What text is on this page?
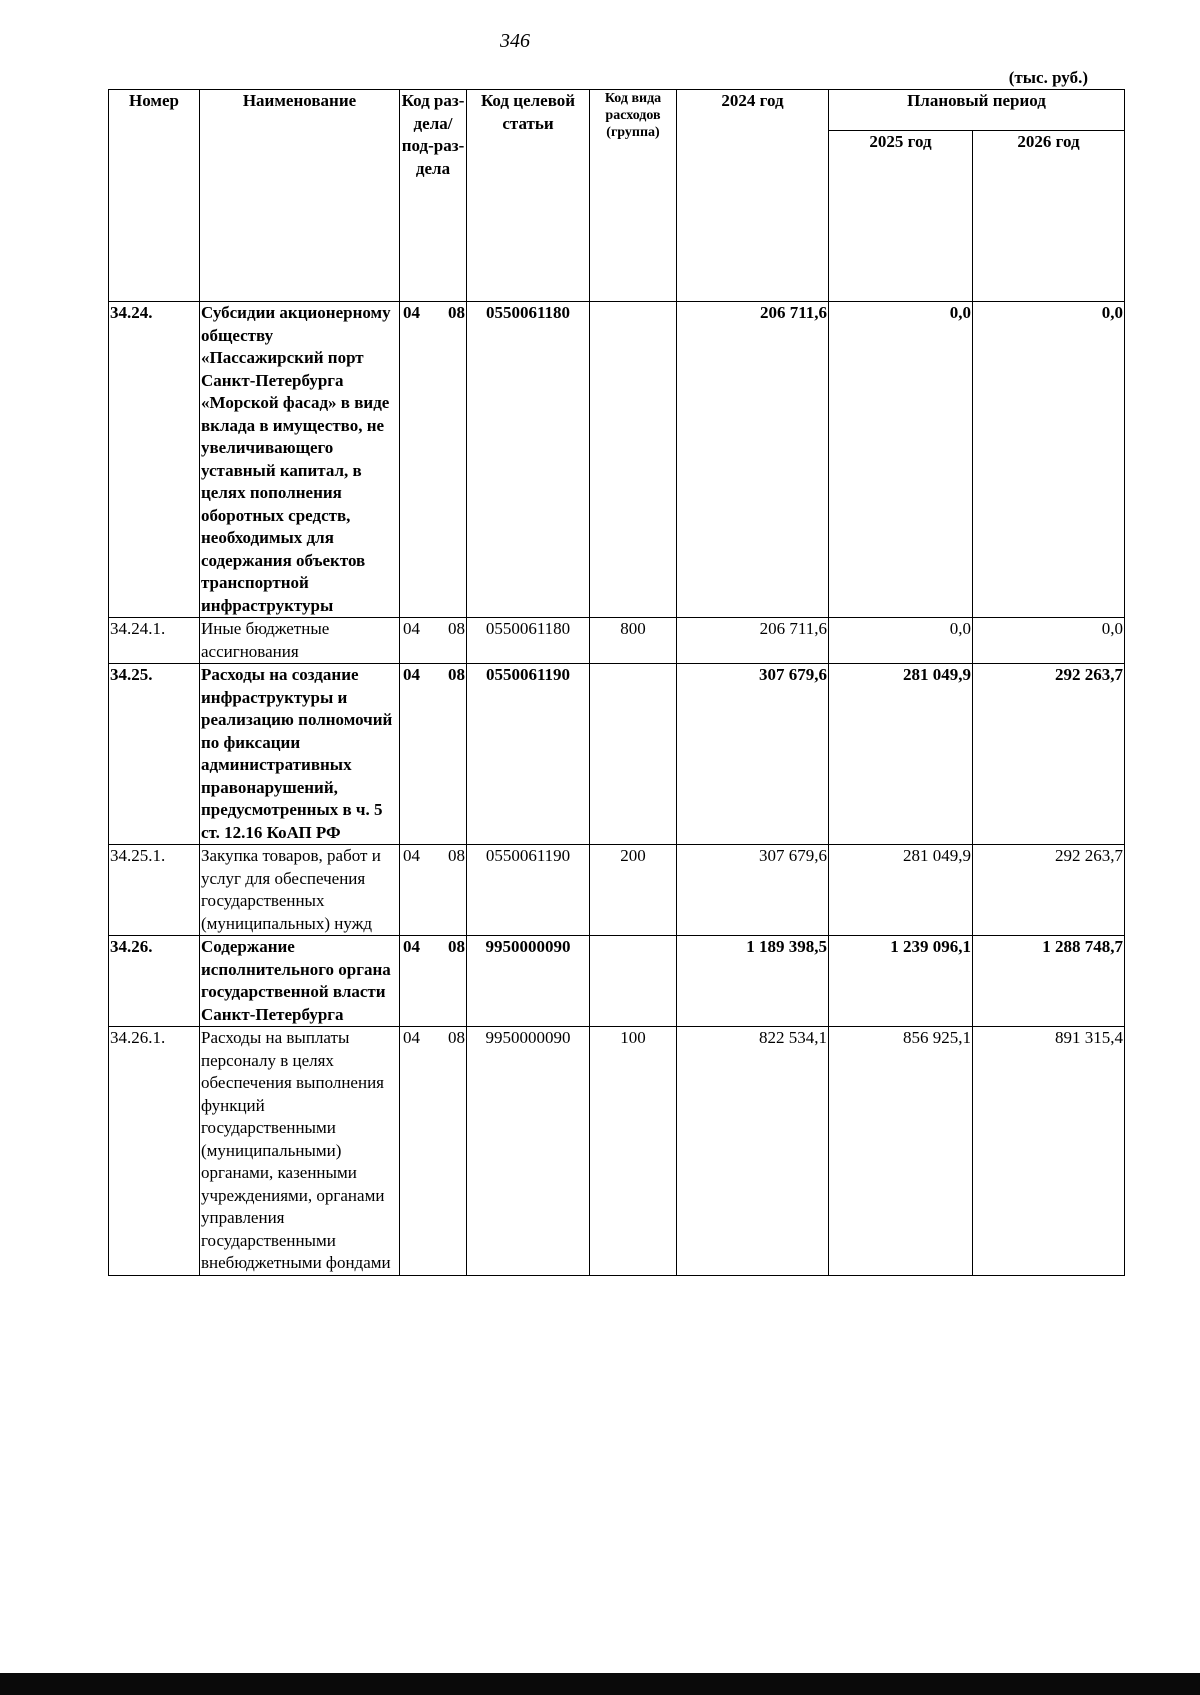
346
(тыс. руб.)
Номер	Наименование	Код раз-дела/ под-раз-дела	Код целевой статьи	Код вида расходов (группа)	2024 год	Плановый период	
						2025 год	2026 год
34.24.	Субсидии акционерному обществу «Пассажирский порт Санкт-Петербурга «Морской фасад» в виде вклада в имущество, не увеличивающего уставный капитал, в целях пополнения оборотных средств, необходимых для содержания объектов транспортной инфраструктуры	04 08	0550061180		206 711,6	0,0	0,0
34.24.1.	Иные бюджетные ассигнования	04 08	0550061180	800	206 711,6	0,0	0,0
34.25.	Расходы на создание инфраструктуры и реализацию полномочий по фиксации административных правонарушений, предусмотренных в ч. 5 ст. 12.16 КоАП РФ	04 08	0550061190		307 679,6	281 049,9	292 263,7
34.25.1.	Закупка товаров, работ и услуг для обеспечения государственных (муниципальных) нужд	04 08	0550061190	200	307 679,6	281 049,9	292 263,7
34.26.	Содержание исполнительного органа государственной власти Санкт-Петербурга	04 08	9950000090		1 189 398,5	1 239 096,1	1 288 748,7
34.26.1.	Расходы на выплаты персоналу в целях обеспечения выполнения функций государственными (муниципальными) органами, казенными учреждениями, органами управления государственными внебюджетными фондами	04 08	9950000090	100	822 534,1	856 925,1	891 315,4
